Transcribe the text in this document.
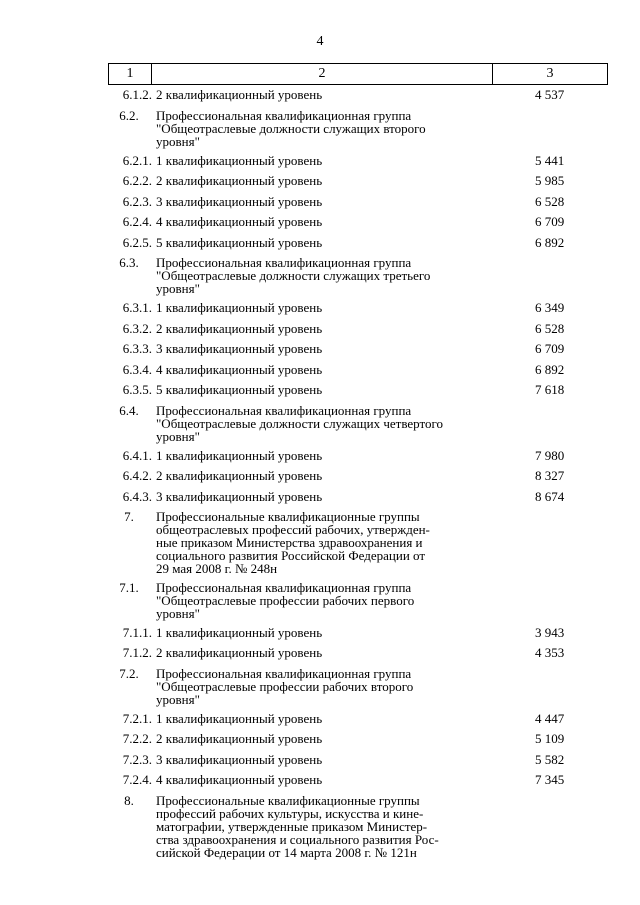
4
1	2	3
6.1.2. 2 квалификационный уровень	4 537
6.2.	Профессиональная квалификационная группа
"Общеотраслевые должности служащих второго
уровня"
6.2.1. 1 квалификационный уровень	5 441
6.2.2. 2 квалификационный уровень	5 985
6.2.3. 3 квалификационный уровень	6 528
6.2.4. 4 квалификационный уровень	6 709
6.2.5. 5 квалификационный уровень	6 892
6.3.	Профессиональная квалификационная группа
"Общеотраслевые должности служащих третьего
уровня"
6.3.1. 1 квалификационный уровень	6 349
6.3.2. 2 квалификационный уровень	6 528
6.3.3. 3 квалификационный уровень	6 709
6.3.4. 4 квалификационный уровень	6 892
6.3.5. 5 квалификационный уровень	7 618
6.4.	Профессиональная квалификационная группа
"Общеотраслевые должности служащих четвертого
уровня"
6.4.1. 1 квалификационный уровень	7 980
6.4.2. 2 квалификационный уровень	8 327
6.4.3. 3 квалификационный уровень	8 674
7.	Профессиональные квалификационные группы
общеотраслевых профессий рабочих, утвержден-
ные приказом Министерства здравоохранения и
социального развития Российской Федерации от
29 мая 2008 г. № 248н
7.1.	Профессиональная квалификационная группа
"Общеотраслевые профессии рабочих первого
уровня"
7.1.1. 1 квалификационный уровень	3 943
7.1.2. 2 квалификационный уровень	4 353
7.2.	Профессиональная квалификационная группа
"Общеотраслевые профессии рабочих второго
уровня"
7.2.1. 1 квалификационный уровень	4 447
7.2.2. 2 квалификационный уровень	5 109
7.2.3. 3 квалификационный уровень	5 582
7.2.4. 4 квалификационный уровень	7 345
8.	Профессиональные квалификационные группы
профессий рабочих культуры, искусства и кине-
матографии, утвержденные приказом Министер-
ства здравоохранения и социального развития Рос-
сийской Федерации от 14 марта 2008 г. № 121н
